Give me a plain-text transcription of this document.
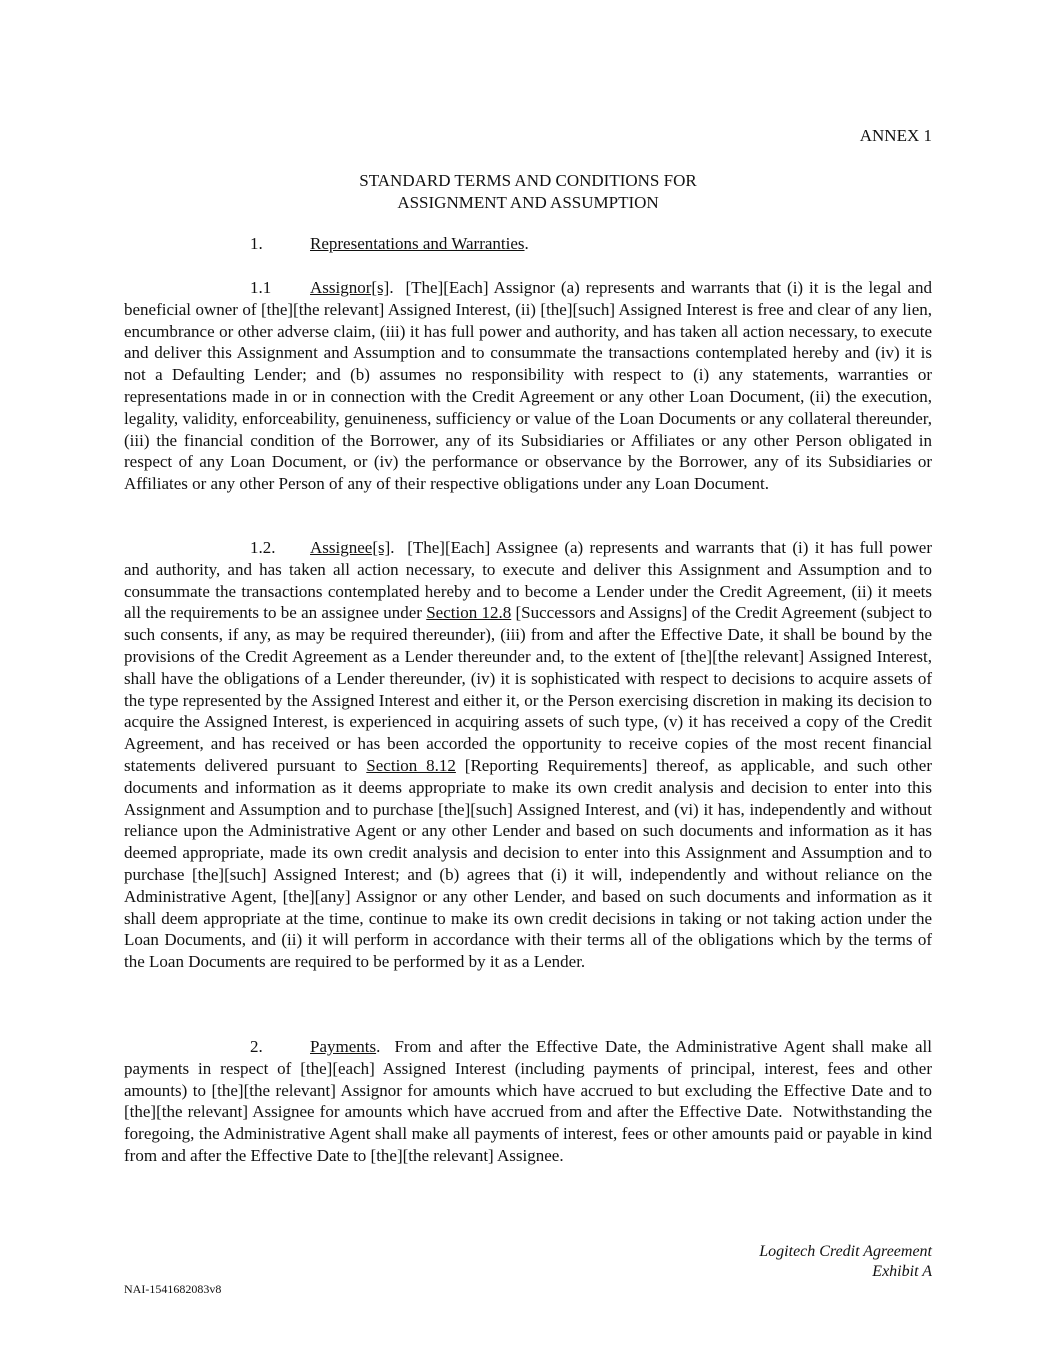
ANNEX 1
STANDARD TERMS AND CONDITIONS FOR
ASSIGNMENT AND ASSUMPTION
1.	Representations and Warranties.

1.1 Assignor[s].  [The][Each] Assignor (a) represents and warrants that (i) it is the legal and beneficial owner of [the][the relevant] Assigned Interest, (ii) [the][such] Assigned Interest is free and clear of any lien, encumbrance or other adverse claim, (iii) it has full power and authority, and has taken all action necessary, to execute and deliver this Assignment and Assumption and to consummate the transactions contemplated hereby and (iv) it is not a Defaulting Lender; and (b) assumes no responsibility with respect to (i) any statements, warranties or representations made in or in connection with the Credit Agreement or any other Loan Document, (ii) the execution, legality, validity, enforceability, genuineness, sufficiency or value of the Loan Documents or any collateral thereunder, (iii) the financial condition of the Borrower, any of its Subsidiaries or Affiliates or any other Person obligated in respect of any Loan Document, or (iv) the performance or observance by the Borrower, any of its Subsidiaries or Affiliates or any other Person of any of their respective obligations under any Loan Document.

1.2. Assignee[s].  [The][Each] Assignee (a) represents and warrants that (i) it has full power and authority, and has taken all action necessary, to execute and deliver this Assignment and Assumption and to consummate the transactions contemplated hereby and to become a Lender under the Credit Agreement, (ii) it meets all the requirements to be an assignee under Section 12.8 [Successors and Assigns] of the Credit Agreement (subject to such consents, if any, as may be required thereunder), (iii) from and after the Effective Date, it shall be bound by the provisions of the Credit Agreement as a Lender thereunder and, to the extent of [the][the relevant] Assigned Interest, shall have the obligations of a Lender thereunder, (iv) it is sophisticated with respect to decisions to acquire assets of the type represented by the Assigned Interest and either it, or the Person exercising discretion in making its decision to acquire the Assigned Interest, is experienced in acquiring assets of such type, (v) it has received a copy of the Credit Agreement, and has received or has been accorded the opportunity to receive copies of the most recent financial statements delivered pursuant to Section 8.12 [Reporting Requirements] thereof, as applicable, and such other documents and information as it deems appropriate to make its own credit analysis and decision to enter into this Assignment and Assumption and to purchase [the][such] Assigned Interest, and (vi) it has, independently and without reliance upon the Administrative Agent or any other Lender and based on such documents and information as it has deemed appropriate, made its own credit analysis and decision to enter into this Assignment and Assumption and to purchase [the][such] Assigned Interest; and (b) agrees that (i) it will, independently and without reliance on the Administrative Agent, [the][any] Assignor or any other Lender, and based on such documents and information as it shall deem appropriate at the time, continue to make its own credit decisions in taking or not taking action under the Loan Documents, and (ii) it will perform in accordance with their terms all of the obligations which by the terms of the Loan Documents are required to be performed by it as a Lender.

2.	Payments.  From and after the Effective Date, the Administrative Agent shall make all payments in respect of [the][each] Assigned Interest (including payments of principal, interest, fees and other amounts) to [the][the relevant] Assignor for amounts which have accrued to but excluding the Effective Date and to [the][the relevant] Assignee for amounts which have accrued from and after the Effective Date.  Notwithstanding the foregoing, the Administrative Agent shall make all payments of interest, fees or other amounts paid or payable in kind from and after the Effective Date to [the][the relevant] Assignee.

Logitech Credit Agreement
Exhibit A
NAI-1541682083v8
